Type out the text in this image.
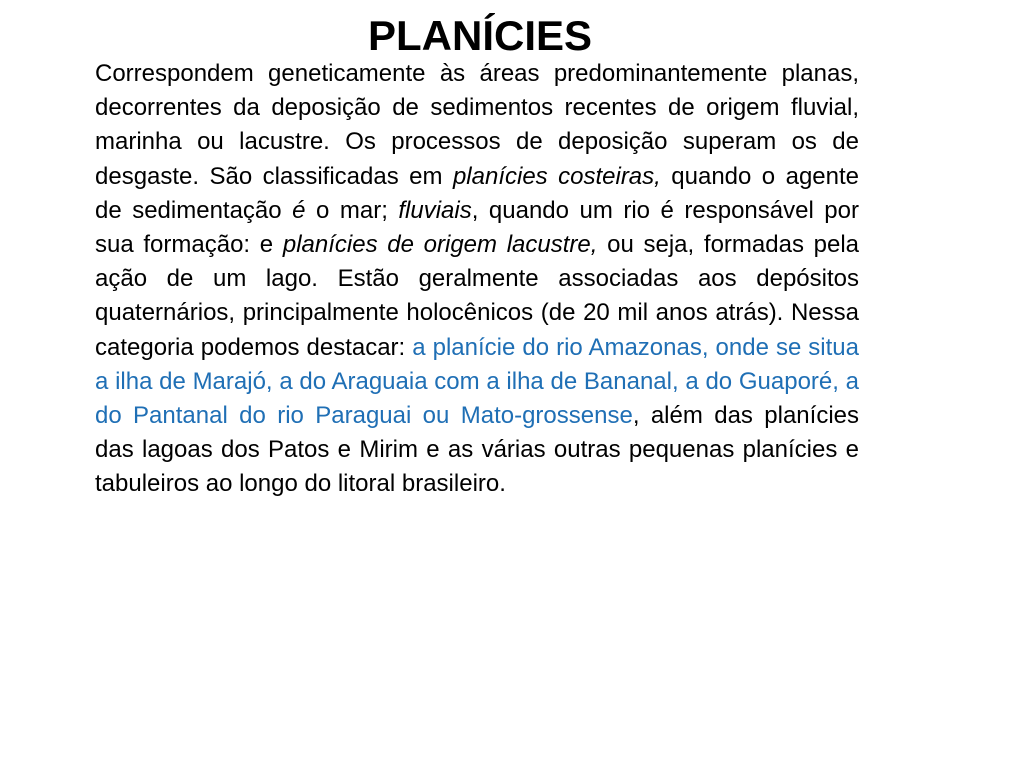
PLANÍCIES
Correspondem geneticamente às áreas predominantemente planas, decorrentes da deposição de sedimentos recentes de origem fluvial, marinha ou lacustre. Os processos de deposição superam os de desgaste. São classificadas em planícies costeiras, quando o agente de sedimentação é o mar; fluviais, quando um rio é responsável por sua formação: e planícies de origem lacustre, ou seja, formadas pela ação de um lago. Estão geralmente associadas aos depósitos quaternários, principalmente holocênicos (de 20 mil anos atrás). Nessa categoria podemos destacar: a planície do rio Amazonas, onde se situa a ilha de Marajó, a do Araguaia com a ilha de Bananal, a do Guaporé, a do Pantanal do rio Paraguai ou Mato-grossense, além das planícies das lagoas dos Patos e Mirim e as várias outras pequenas planícies e tabuleiros ao longo do litoral brasileiro.
